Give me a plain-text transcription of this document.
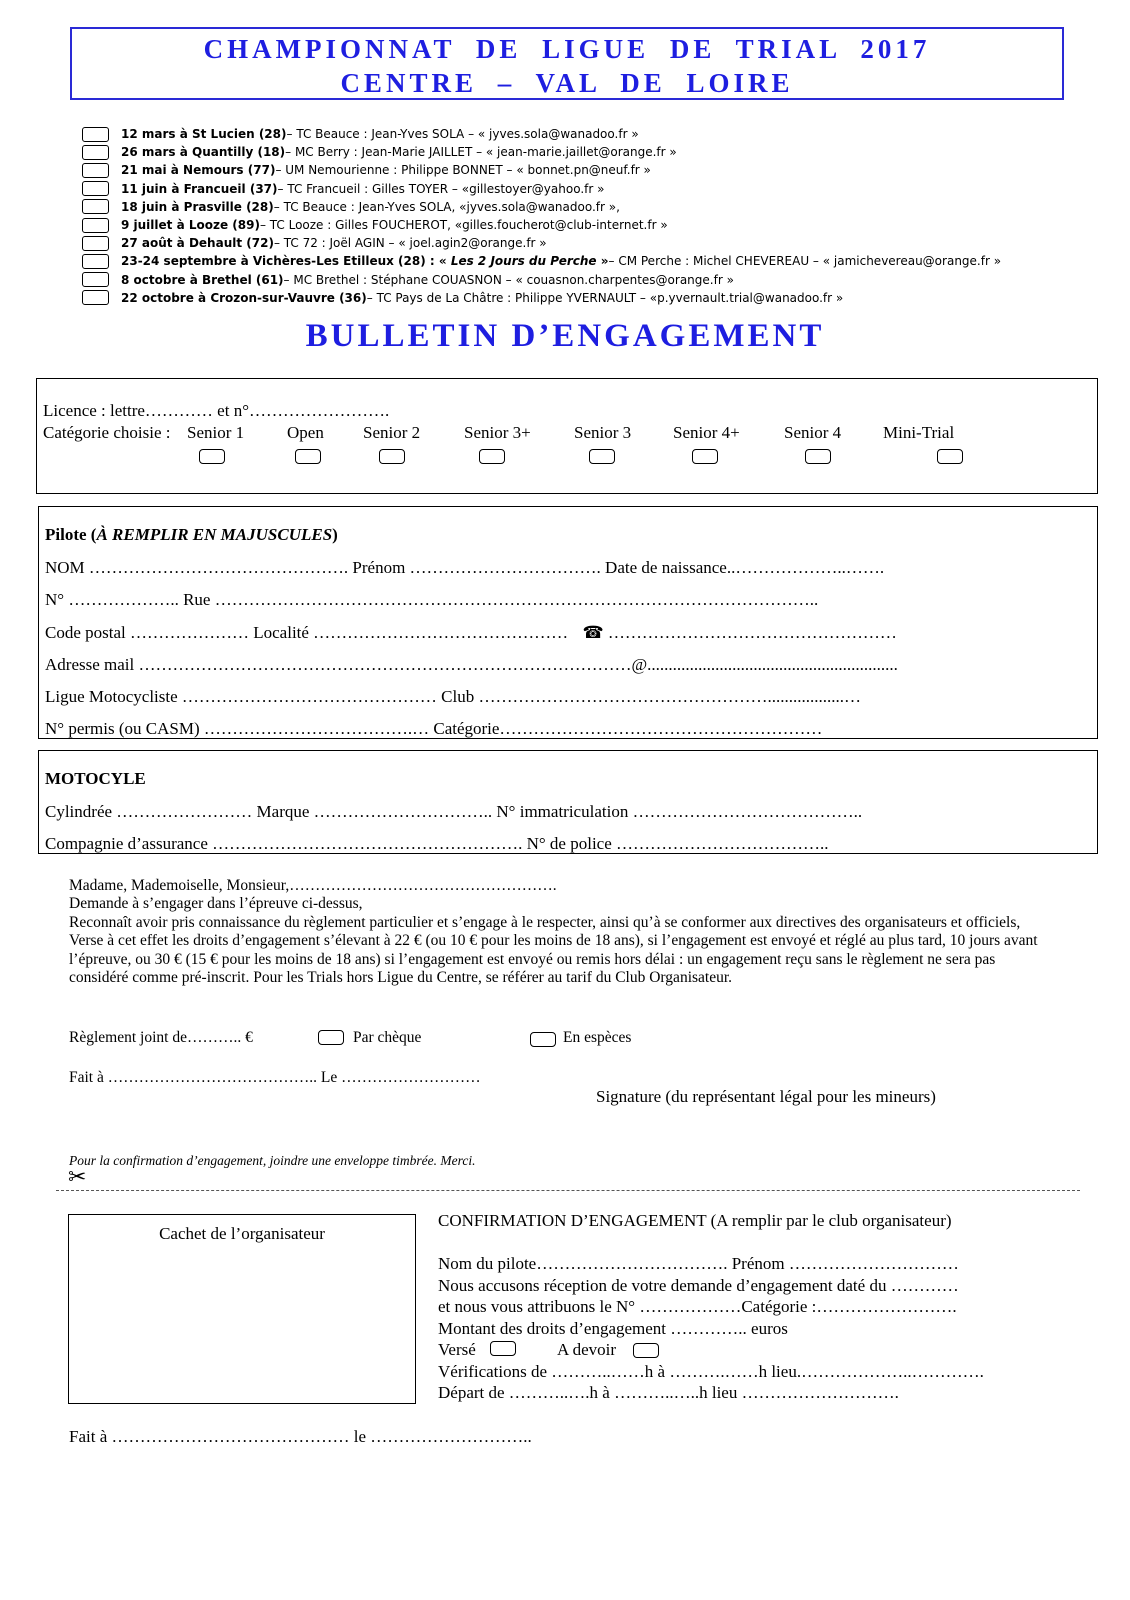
CHAMPIONNAT DE LIGUE DE TRIAL 2017
CENTRE – VAL DE LOIRE
12 mars à St Lucien (28) – TC Beauce : Jean-Yves SOLA – « jyves.sola@wanadoo.fr »
26 mars à Quantilly (18) – MC Berry : Jean-Marie JAILLET – « jean-marie.jaillet@orange.fr »
21 mai à Nemours (77) – UM Nemourienne : Philippe BONNET – « bonnet.pn@neuf.fr »
11 juin à Francueil (37) – TC Francueil : Gilles TOYER – «gillestoyer@yahoo.fr »
18 juin à Prasville (28) – TC Beauce : Jean-Yves SOLA, «jyves.sola@wanadoo.fr »,
9 juillet à Looze (89) – TC Looze : Gilles FOUCHEROT, «gilles.foucherot@club-internet.fr »
27 août à Dehault (72) – TC 72 : Joël AGIN – « joel.agin2@orange.fr »
23-24 septembre à Vichères-Les Etilleux (28) : « Les 2 Jours du Perche » – CM Perche : Michel CHEVEREAU – « jamichevereau@orange.fr »
8 octobre à Brethel (61) – MC Brethel : Stéphane COUASNON – « couasnon.charpentes@orange.fr »
22 octobre à Crozon-sur-Vauvre (36) – TC Pays de La Châtre : Philippe YVERNAULT – «p.yvernault.trial@wanadoo.fr »
BULLETIN D’ENGAGEMENT
Licence : lettre………… et n°…………………….
Catégorie choisie : Senior 1	Open Senior 2	Senior 3+	Senior 3 Senior 4+	Senior 4 Mini-Trial
Pilote (À REMPLIR EN MAJUSCULES)
NOM ………………………………………. Prénom ……………………………. Date de naissance..………………..…….
N° ……………….. Rue ……………………………………………………………………………………………..
Code postal ………………… Localité ……………………………………… ☎ ……………………………………………
Adresse mail ……………………………………………………………………………@...........................................................
Ligue Motocycliste ……………………………………… Club ……………………………………………..................…
N° permis (ou CASM) ……………………………….… Catégorie…………………………………………………
MOTOCYLE
Cylindrée …………………… Marque ………………………….. N° immatriculation …………………………………..
Compagnie d’assurance ………………………………………………. N° de police ………………………………..
Madame, Mademoiselle, Monsieur,…………………………………………….
Demande à s’engager dans l’épreuve ci-dessus,
Reconnaît avoir pris connaissance du règlement particulier et s’engage à le respecter, ainsi qu’à se conformer aux directives des organisateurs et officiels,
Verse à cet effet les droits d’engagement s’élevant à 22 € (ou 10 € pour les moins de 18 ans), si l’engagement est envoyé et réglé au plus tard, 10 jours avant l’épreuve, ou 30 € (15 € pour les moins de 18 ans) si l’engagement est envoyé ou remis hors délai : un engagement reçu sans le règlement ne sera pas considéré comme pré-inscrit. Pour les Trials hors Ligue du Centre, se référer au tarif du Club Organisateur.
Règlement joint de……….. €	Par chèque	En espèces
Fait à ………………………………….. Le ………………………
Signature (du représentant légal pour les mineurs)
Pour la confirmation d’engagement, joindre une enveloppe timbrée. Merci.
✂
Cachet de l’organisateur
CONFIRMATION D’ENGAGEMENT (A remplir par le club organisateur)
Nom du pilote……………………………. Prénom …………………………
Nous accusons réception de votre demande d’engagement daté du …………
et nous vous attribuons le N° ………………Catégorie :…………………….
Montant des droits d’engagement ………….. euros
Versé	A devoir
Vérifications de ………..……h à ……….……h lieu.………………..………….
Départ de ………..….h à ………..…..h lieu ……………………….
Fait à …………………………………… le ………………………..
